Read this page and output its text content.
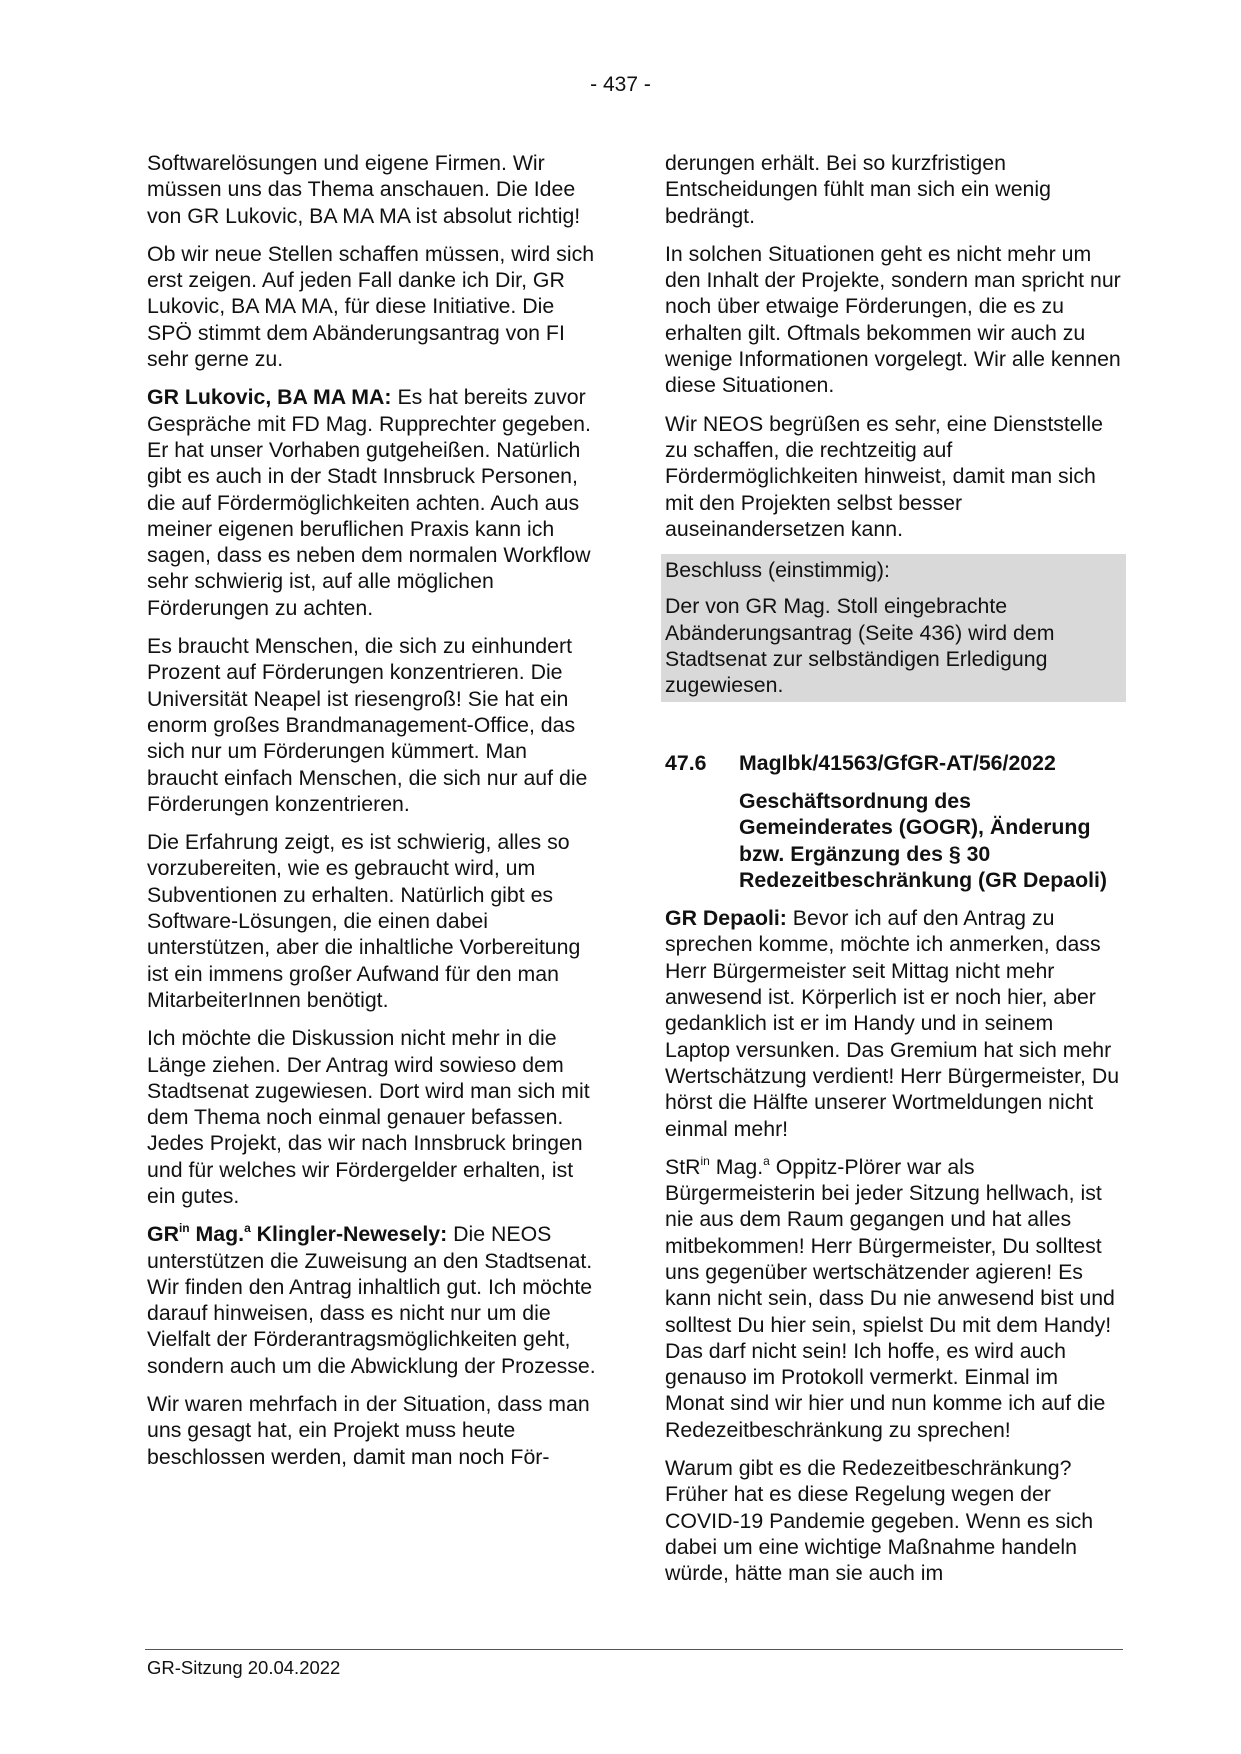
- 437 -

Softwarelösungen und eigene Firmen. Wir müssen uns das Thema anschauen. Die Idee von GR Lukovic, BA MA MA ist absolut richtig!

Ob wir neue Stellen schaffen müssen, wird sich erst zeigen. Auf jeden Fall danke ich Dir, GR Lukovic, BA MA MA, für diese Initiative. Die SPÖ stimmt dem Abänderungsantrag von FI sehr gerne zu.

GR Lukovic, BA MA MA: Es hat bereits zuvor Gespräche mit FD Mag. Rupprechter gegeben. Er hat unser Vorhaben gutgeheißen. Natürlich gibt es auch in der Stadt Innsbruck Personen, die auf Fördermöglichkeiten achten. Auch aus meiner eigenen beruflichen Praxis kann ich sagen, dass es neben dem normalen Workflow sehr schwierig ist, auf alle möglichen Förderungen zu achten.

Es braucht Menschen, die sich zu einhundert Prozent auf Förderungen konzentrieren. Die Universität Neapel ist riesengroß! Sie hat ein enorm großes Brandmanagement-Office, das sich nur um Förderungen kümmert. Man braucht einfach Menschen, die sich nur auf die Förderungen konzentrieren.

Die Erfahrung zeigt, es ist schwierig, alles so vorzubereiten, wie es gebraucht wird, um Subventionen zu erhalten. Natürlich gibt es Software-Lösungen, die einen dabei unterstützen, aber die inhaltliche Vorbereitung ist ein immens großer Aufwand für den man MitarbeiterInnen benötigt.

Ich möchte die Diskussion nicht mehr in die Länge ziehen. Der Antrag wird sowieso dem Stadtsenat zugewiesen. Dort wird man sich mit dem Thema noch einmal genauer befassen. Jedes Projekt, das wir nach Innsbruck bringen und für welches wir Fördergelder erhalten, ist ein gutes.

$GR^{in}$ Mag.$^a$ Klingler-Newesely: Die NEOS unterstützen die Zuweisung an den Stadtsenat. Wir finden den Antrag inhaltlich gut. Ich möchte darauf hinweisen, dass es nicht nur um die Vielfalt der Förderantragsmöglichkeiten geht, sondern auch um die Abwicklung der Prozesse.

Wir waren mehrfach in der Situation, dass man uns gesagt hat, ein Projekt muss heute beschlossen werden, damit man noch För-

derungen erhält. Bei so kurzfristigen Entscheidungen fühlt man sich ein wenig bedrängt.

In solchen Situationen geht es nicht mehr um den Inhalt der Projekte, sondern man spricht nur noch über etwaige Förderungen, die es zu erhalten gilt. Oftmals bekommen wir auch zu wenige Informationen vorgelegt. Wir alle kennen diese Situationen.

Wir NEOS begrüßen es sehr, eine Dienststelle zu schaffen, die rechtzeitig auf Fördermöglichkeiten hinweist, damit man sich mit den Projekten selbst besser auseinandersetzen kann.

Beschluss (einstimmig):

Der von GR Mag. Stoll eingebrachte Abänderungsantrag (Seite 436) wird dem Stadtsenat zur selbständigen Erledigung zugewiesen.

47.6	MagIbk/41563/GfGR-AT/56/2022
Geschäftsordnung des Gemeinderates (GOGR), Änderung bzw. Ergänzung des § 30 Redezeitbeschränkung (GR Depaoli)

GR Depaoli: Bevor ich auf den Antrag zu sprechen komme, möchte ich anmerken, dass Herr Bürgermeister seit Mittag nicht mehr anwesend ist. Körperlich ist er noch hier, aber gedanklich ist er im Handy und in seinem Laptop versunken. Das Gremium hat sich mehr Wertschätzung verdient! Herr Bürgermeister, Du hörst die Hälfte unserer Wortmeldungen nicht einmal mehr!

StR$^{in}$ Mag.$^a$ Oppitz-Plörer war als Bürgermeisterin bei jeder Sitzung hellwach, ist nie aus dem Raum gegangen und hat alles mitbekommen! Herr Bürgermeister, Du solltest uns gegenüber wertschätzender agieren! Es kann nicht sein, dass Du nie anwesend bist und solltest Du hier sein, spielst Du mit dem Handy! Das darf nicht sein! Ich hoffe, es wird auch genauso im Protokoll vermerkt. Einmal im Monat sind wir hier und nun komme ich auf die Redezeitbeschränkung zu sprechen!

Warum gibt es die Redezeitbeschränkung? Früher hat es diese Regelung wegen der COVID-19 Pandemie gegeben. Wenn es sich dabei um eine wichtige Maßnahme handeln würde, hätte man sie auch im

GR-Sitzung 20.04.2022
